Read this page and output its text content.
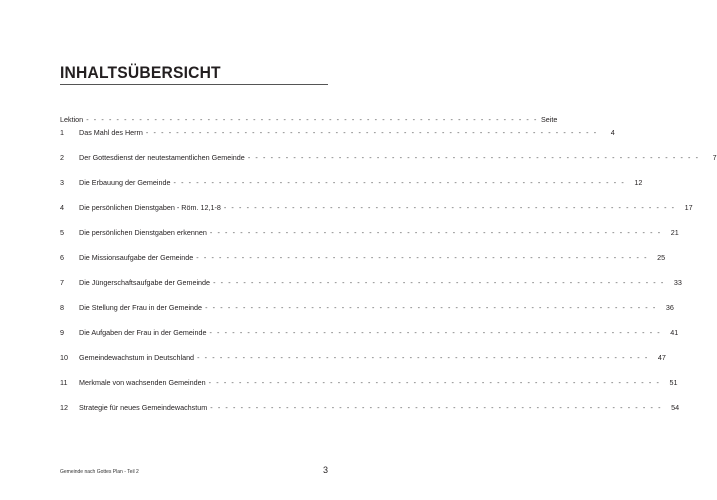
INHALTSÜBERSICHT
Lektion - - - - - - - - - - - - - - - - - - - - - - - - - - - - - - - - - - - - - - - - - - - - - - - - - - - - - - - - - - - - Seite
1	Das Mahl des Herrn - - - - - - - - - - - - - - - - - - - - - - - - - - - - - - - - - - - - - - - - - - - - - - - - - - - - - - - - - - - -	4
2	Der Gottesdienst der neutestamentlichen Gemeinde - - - - - - - - - - - - - - - - - - - - - - - - - - - - - - - - - - - - - - - - - - - - - - - - - - - - - - - - - - - -	7
3	Die Erbauung der Gemeinde - - - - - - - - - - - - - - - - - - - - - - - - - - - - - - - - - - - - - - - - - - - - - - - - - - - - - - - - - - - -	12
4	Die persönlichen Dienstgaben - Röm. 12,1-8 - - - - - - - - - - - - - - - - - - - - - - - - - - - - - - - - - - - - - - - - - - - - - - - - - - - - - - - - - - - -	17
5	Die persönlichen Dienstgaben erkennen - - - - - - - - - - - - - - - - - - - - - - - - - - - - - - - - - - - - - - - - - - - - - - - - - - - - - - - - - - - -	21
6	Die Missionsaufgabe der Gemeinde - - - - - - - - - - - - - - - - - - - - - - - - - - - - - - - - - - - - - - - - - - - - - - - - - - - - - - - - - - - -	25
7	Die Jüngerschaftsaufgabe der Gemeinde - - - - - - - - - - - - - - - - - - - - - - - - - - - - - - - - - - - - - - - - - - - - - - - - - - - - - - - - - - - -	33
8	Die Stellung der Frau in der Gemeinde - - - - - - - - - - - - - - - - - - - - - - - - - - - - - - - - - - - - - - - - - - - - - - - - - - - - - - - - - - - -	36
9	Die Aufgaben der Frau in der Gemeinde - - - - - - - - - - - - - - - - - - - - - - - - - - - - - - - - - - - - - - - - - - - - - - - - - - - - - - - - - - - -	41
10	Gemeindewachstum in Deutschland - - - - - - - - - - - - - - - - - - - - - - - - - - - - - - - - - - - - - - - - - - - - - - - - - - - - - - - - - - - -	47
11	Merkmale von wachsenden Gemeinden - - - - - - - - - - - - - - - - - - - - - - - - - - - - - - - - - - - - - - - - - - - - - - - - - - - - - - - - - - - -	51
12	Strategie für neues Gemeindewachstum - - - - - - - - - - - - - - - - - - - - - - - - - - - - - - - - - - - - - - - - - - - - - - - - - - - - - - - - - - - -	54
Gemeinde nach Gottes Plan - Teil 2	3
